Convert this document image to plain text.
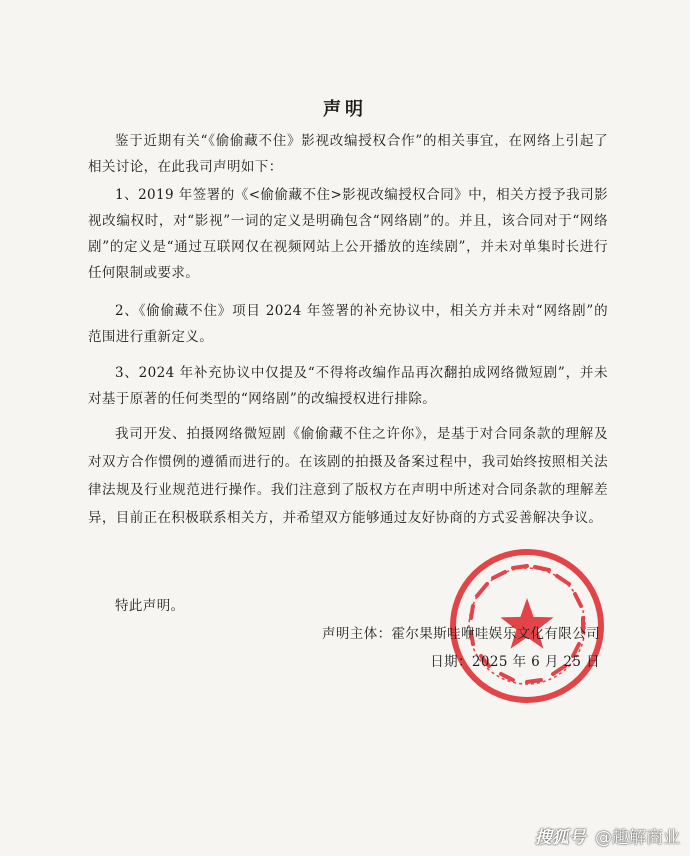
声明

鉴于近期有关“《偷偷藏不住》影视改编授权合作”的相关事宜，在网络上引起了相关讨论，在此我司声明如下：

1、2019 年签署的《<偷偷藏不住>影视改编授权合同》中，相关方授予我司影视改编权时，对“影视”一词的定义是明确包含“网络剧”的。并且，该合同对于“网络剧”的定义是“通过互联网仅在视频网站上公开播放的连续剧”，并未对单集时长进行任何限制或要求。

2、《偷偷藏不住》项目 2024 年签署的补充协议中，相关方并未对“网络剧”的范围进行重新定义。

3、2024 年补充协议中仅提及“不得将改编作品再次翻拍成网络微短剧”，并未对基于原著的任何类型的“网络剧”的改编授权进行排除。

我司开发、拍摄网络微短剧《偷偷藏不住之许你》，是基于对合同条款的理解及对双方合作惯例的遵循而进行的。在该剧的拍摄及备案过程中，我司始终按照相关法律法规及行业规范进行操作。我们注意到了版权方在声明中所述对合同条款的理解差异，目前正在积极联系相关方，并希望双方能够通过友好协商的方式妥善解决争议。

特此声明。

声明主体：霍尔果斯哇咿哇娱乐文化有限公司
日期：2025 年 6 月 25 日
搜狐号 @趣解商业
